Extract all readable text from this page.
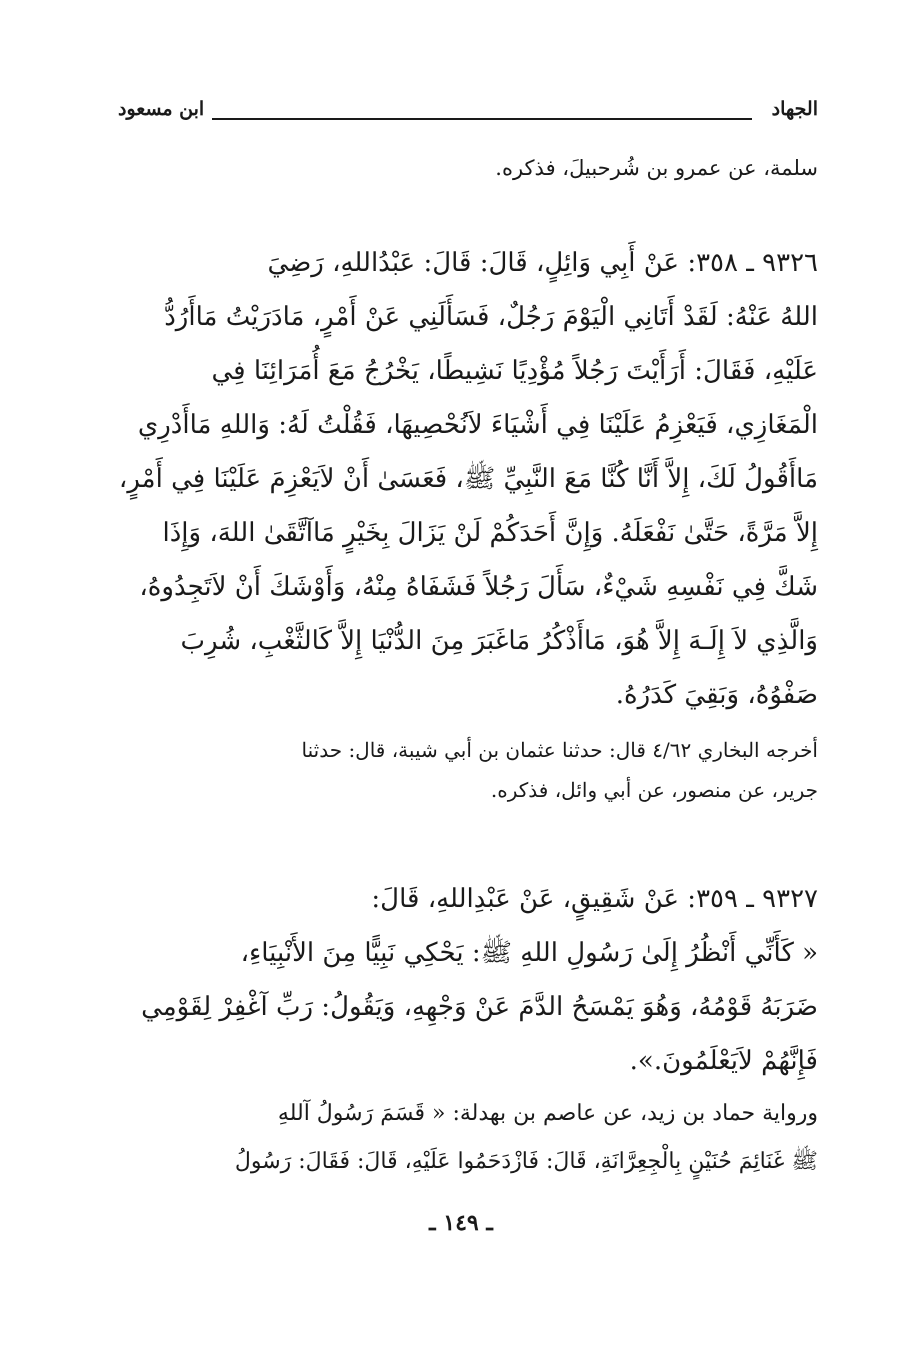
الجهاد
ابن مسعود
سلمة، عن عمرو بن شُرحبيلَ، فذكره.
٩٣٢٦ ـ ٣٥٨: عَنْ أَبِي وَائِلٍ، قَالَ: قَالَ: عَبْدُاللهِ، رَضِيَ
اللهُ عَنْهُ: لَقَدْ أَتَانِي الْيَوْمَ رَجُلٌ، فَسَأَلَنِي عَنْ أَمْرٍ، مَادَرَيْتُ مَاأَرُدُّ
عَلَيْهِ، فَقَالَ: أَرَأَيْتَ رَجُلاً مُؤْدِيًا نَشِيطًا، يَخْرُجُ مَعَ أُمَرَائِنَا فِي
الْمَغَازِي، فَيَعْزِمُ عَلَيْنَا فِي أَشْيَاءَ لاَنُحْصِيهَا، فَقُلْتُ لَهُ: وَاللهِ مَاأَدْرِي
مَاأَقُولُ لَكَ، إِلاَّ أَنَّا كُنَّا مَعَ النَّبِيِّ ﷺ، فَعَسَىٰ أَنْ لاَيَعْزِمَ عَلَيْنَا فِي أَمْرٍ،
إِلاَّ مَرَّةً، حَتَّىٰ نَفْعَلَهُ. وَإِنَّ أَحَدَكُمْ لَنْ يَزَالَ بِخَيْرٍ مَاآتَّقَىٰ اللهَ، وَإِذَا
شَكَّ فِي نَفْسِهِ شَيْءٌ، سَأَلَ رَجُلاً فَشَفَاهُ مِنْهُ، وَأَوْشَكَ أَنْ لاَتَجِدُوهُ،
وَالَّذِي لاَ إِلَـهَ إِلاَّ هُوَ، مَاأَذْكُرُ مَاغَبَرَ مِنَ الدُّنْيَا إِلاَّ كَالثَّغْبِ، شُرِبَ
صَفْوُهُ، وَبَقِيَ كَدَرُهُ.
أخرجه البخاري ٤/٦٢ قال: حدثنا عثمان بن أبي شيبة، قال: حدثنا
جرير، عن منصور، عن أبي وائل، فذكره.
٩٣٢٧ ـ ٣٥٩: عَنْ شَقِيقٍ، عَنْ عَبْدِاللهِ، قَالَ:
« كَأَنِّي أَنْظُرُ إِلَىٰ رَسُولِ اللهِ ﷺ: يَحْكِي نَبِيًّا مِنَ الأَنْبِيَاءِ،
ضَرَبَهُ قَوْمُهُ، وَهُوَ يَمْسَحُ الدَّمَ عَنْ وَجْهِهِ، وَيَقُولُ: رَبِّ آغْفِرْ لِقَوْمِي
فَإِنَّهُمْ لاَيَعْلَمُونَ.».
ورواية حماد بن زيد، عن عاصم بن بهدلة: « قَسَمَ رَسُولُ آللهِ
ﷺ غَنَائِمَ حُنَيْنٍ بِالْجِعِرَّانَةِ، قَالَ: فَازْدَحَمُوا عَلَيْهِ، قَالَ: فَقَالَ: رَسُولُ
ـ ١٤٩ ـ
